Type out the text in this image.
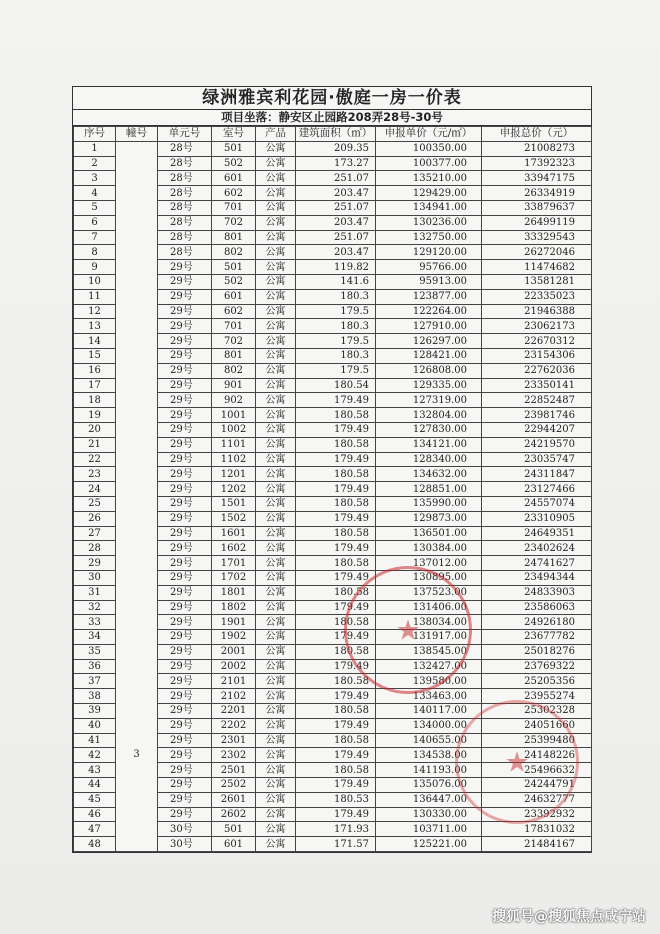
绿洲雅宾利花园·傲庭一房一价表
项目坐落：静安区止园路208弄28号-30号
序号	幢号	单元号	室号	产品	建筑面积（㎡）	申报单价（元/㎡）	申报总价（元）
1	3	28号	501	公寓	209.35	100350.00	21008273
2		28号	502	公寓	173.27	100377.00	17392323
3		28号	601	公寓	251.07	135210.00	33947175
4		28号	602	公寓	203.47	129429.00	26334919
5		28号	701	公寓	251.07	134941.00	33879637
6		28号	702	公寓	203.47	130236.00	26499119
7		28号	801	公寓	251.07	132750.00	33329543
8		28号	802	公寓	203.47	129120.00	26272046
9		29号	501	公寓	119.82	95766.00	11474682
10		29号	502	公寓	141.6	95913.00	13581281
11		29号	601	公寓	180.3	123877.00	22335023
12		29号	602	公寓	179.5	122264.00	21946388
13		29号	701	公寓	180.3	127910.00	23062173
14		29号	702	公寓	179.5	126297.00	22670312
15		29号	801	公寓	180.3	128421.00	23154306
16		29号	802	公寓	179.5	126808.00	22762036
17		29号	901	公寓	180.54	129335.00	23350141
18		29号	902	公寓	179.49	127319.00	22852487
19		29号	1001	公寓	180.58	132804.00	23981746
20		29号	1002	公寓	179.49	127830.00	22944207
21		29号	1101	公寓	180.58	134121.00	24219570
22		29号	1102	公寓	179.49	128340.00	23035747
23		29号	1201	公寓	180.58	134632.00	24311847
24		29号	1202	公寓	179.49	128851.00	23127466
25		29号	1501	公寓	180.58	135990.00	24557074
26		29号	1502	公寓	179.49	129873.00	23310905
27		29号	1601	公寓	180.58	136501.00	24649351
28		29号	1602	公寓	179.49	130384.00	23402624
29		29号	1701	公寓	180.58	137012.00	24741627
30		29号	1702	公寓	179.49	130895.00	23494344
31		29号	1801	公寓	180.58	137523.00	24833903
32		29号	1802	公寓	179.49	131406.00	23586063
33		29号	1901	公寓	180.58	138034.00	24926180
34		29号	1902	公寓	179.49	131917.00	23677782
35		29号	2001	公寓	180.58	138545.00	25018276
36		29号	2002	公寓	179.49	132427.00	23769322
37		29号	2101	公寓	180.58	139580.00	25205356
38		29号	2102	公寓	179.49	133463.00	23955274
39		29号	2201	公寓	180.58	140117.00	25302328
40		29号	2202	公寓	179.49	134000.00	24051660
41		29号	2301	公寓	180.58	140655.00	25399480
42		29号	2302	公寓	179.49	134538.00	24148226
43		29号	2501	公寓	180.58	141193.00	25496632
44		29号	2502	公寓	179.49	135076.00	24244791
45		29号	2601	公寓	180.53	136447.00	24632777
46		29号	2602	公寓	179.49	130330.00	23392932
47		30号	501	公寓	171.93	103711.00	17831032
48		30号	601	公寓	171.57	125221.00	21484167
★
★
搜狐号@搜狐焦点咸宁站
